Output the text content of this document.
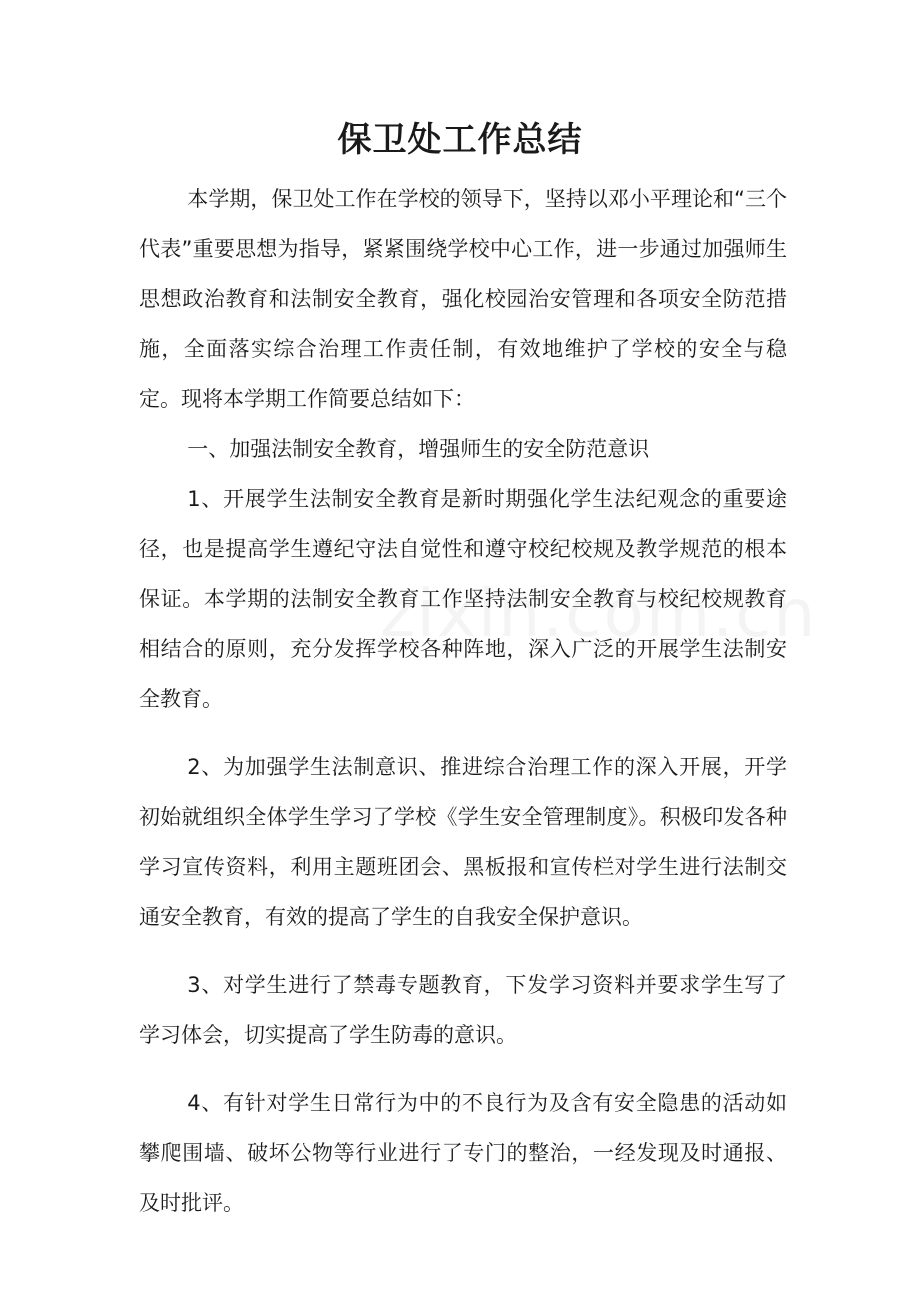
保卫处工作总结

本学期，保卫处工作在学校的领导下，坚持以邓小平理论和“三个代表”重要思想为指导，紧紧围绕学校中心工作，进一步通过加强师生思想政治教育和法制安全教育，强化校园治安管理和各项安全防范措施，全面落实综合治理工作责任制，有效地维护了学校的安全与稳定。现将本学期工作简要总结如下：

一、加强法制安全教育，增强师生的安全防范意识

1、开展学生法制安全教育是新时期强化学生法纪观念的重要途径，也是提高学生遵纪守法自觉性和遵守校纪校规及教学规范的根本保证。本学期的法制安全教育工作坚持法制安全教育与校纪校规教育相结合的原则，充分发挥学校各种阵地，深入广泛的开展学生法制安全教育。

2、为加强学生法制意识、推进综合治理工作的深入开展，开学初始就组织全体学生学习了学校《学生安全管理制度》。积极印发各种学习宣传资料，利用主题班团会、黑板报和宣传栏对学生进行法制交通安全教育，有效的提高了学生的自我安全保护意识。

3、对学生进行了禁毒专题教育，下发学习资料并要求学生写了学习体会，切实提高了学生防毒的意识。

4、有针对学生日常行为中的不良行为及含有安全隐患的活动如攀爬围墙、破坏公物等行业进行了专门的整治，一经发现及时通报、及时批评。
